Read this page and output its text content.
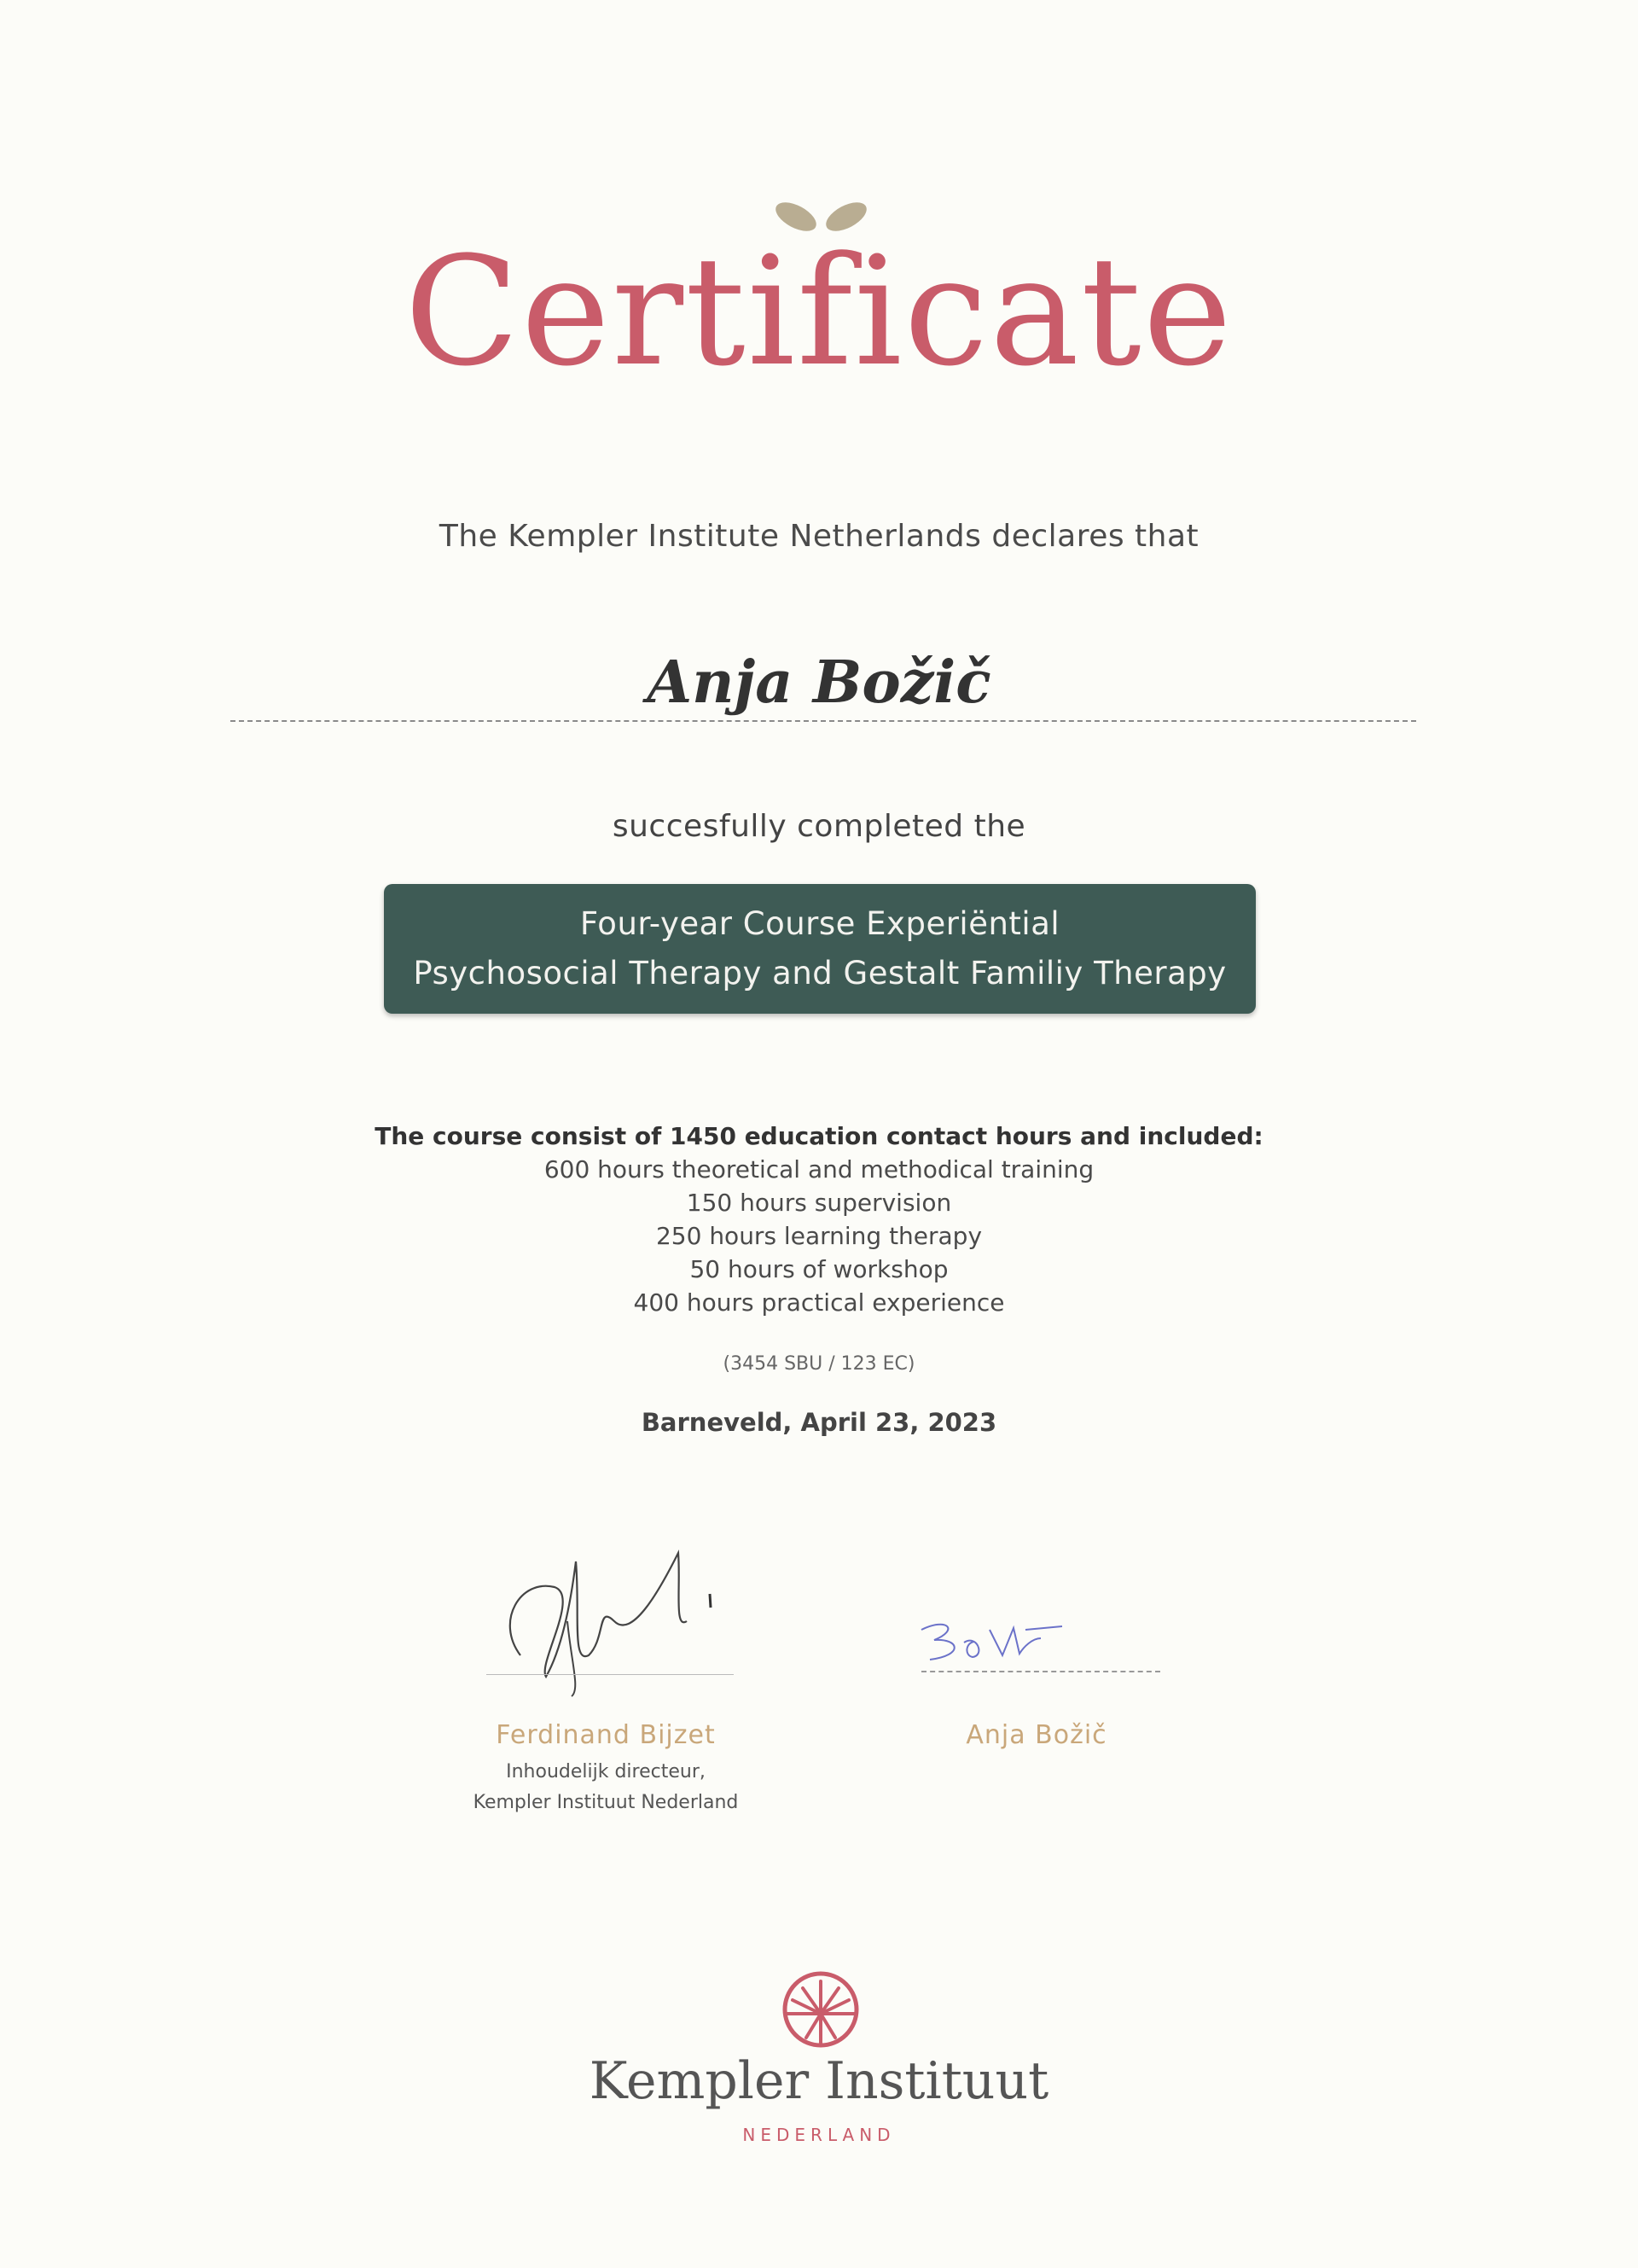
Certificate
The Kempler Institute Netherlands declares that
Anja Božič
succesfully completed the
Four-year Course Experiëntial
Psychosocial Therapy and Gestalt Familiy Therapy
The course consist of 1450 education contact hours and included:
600 hours theoretical and methodical training
150 hours supervision
250 hours learning therapy
50 hours of workshop
400 hours practical experience
(3454 SBU / 123 EC)
Barneveld, April 23, 2023
Ferdinand Bijzet
Inhoudelijk directeur,
Kempler Instituut Nederland
Anja Božič
Kempler Instituut
NEDERLAND
